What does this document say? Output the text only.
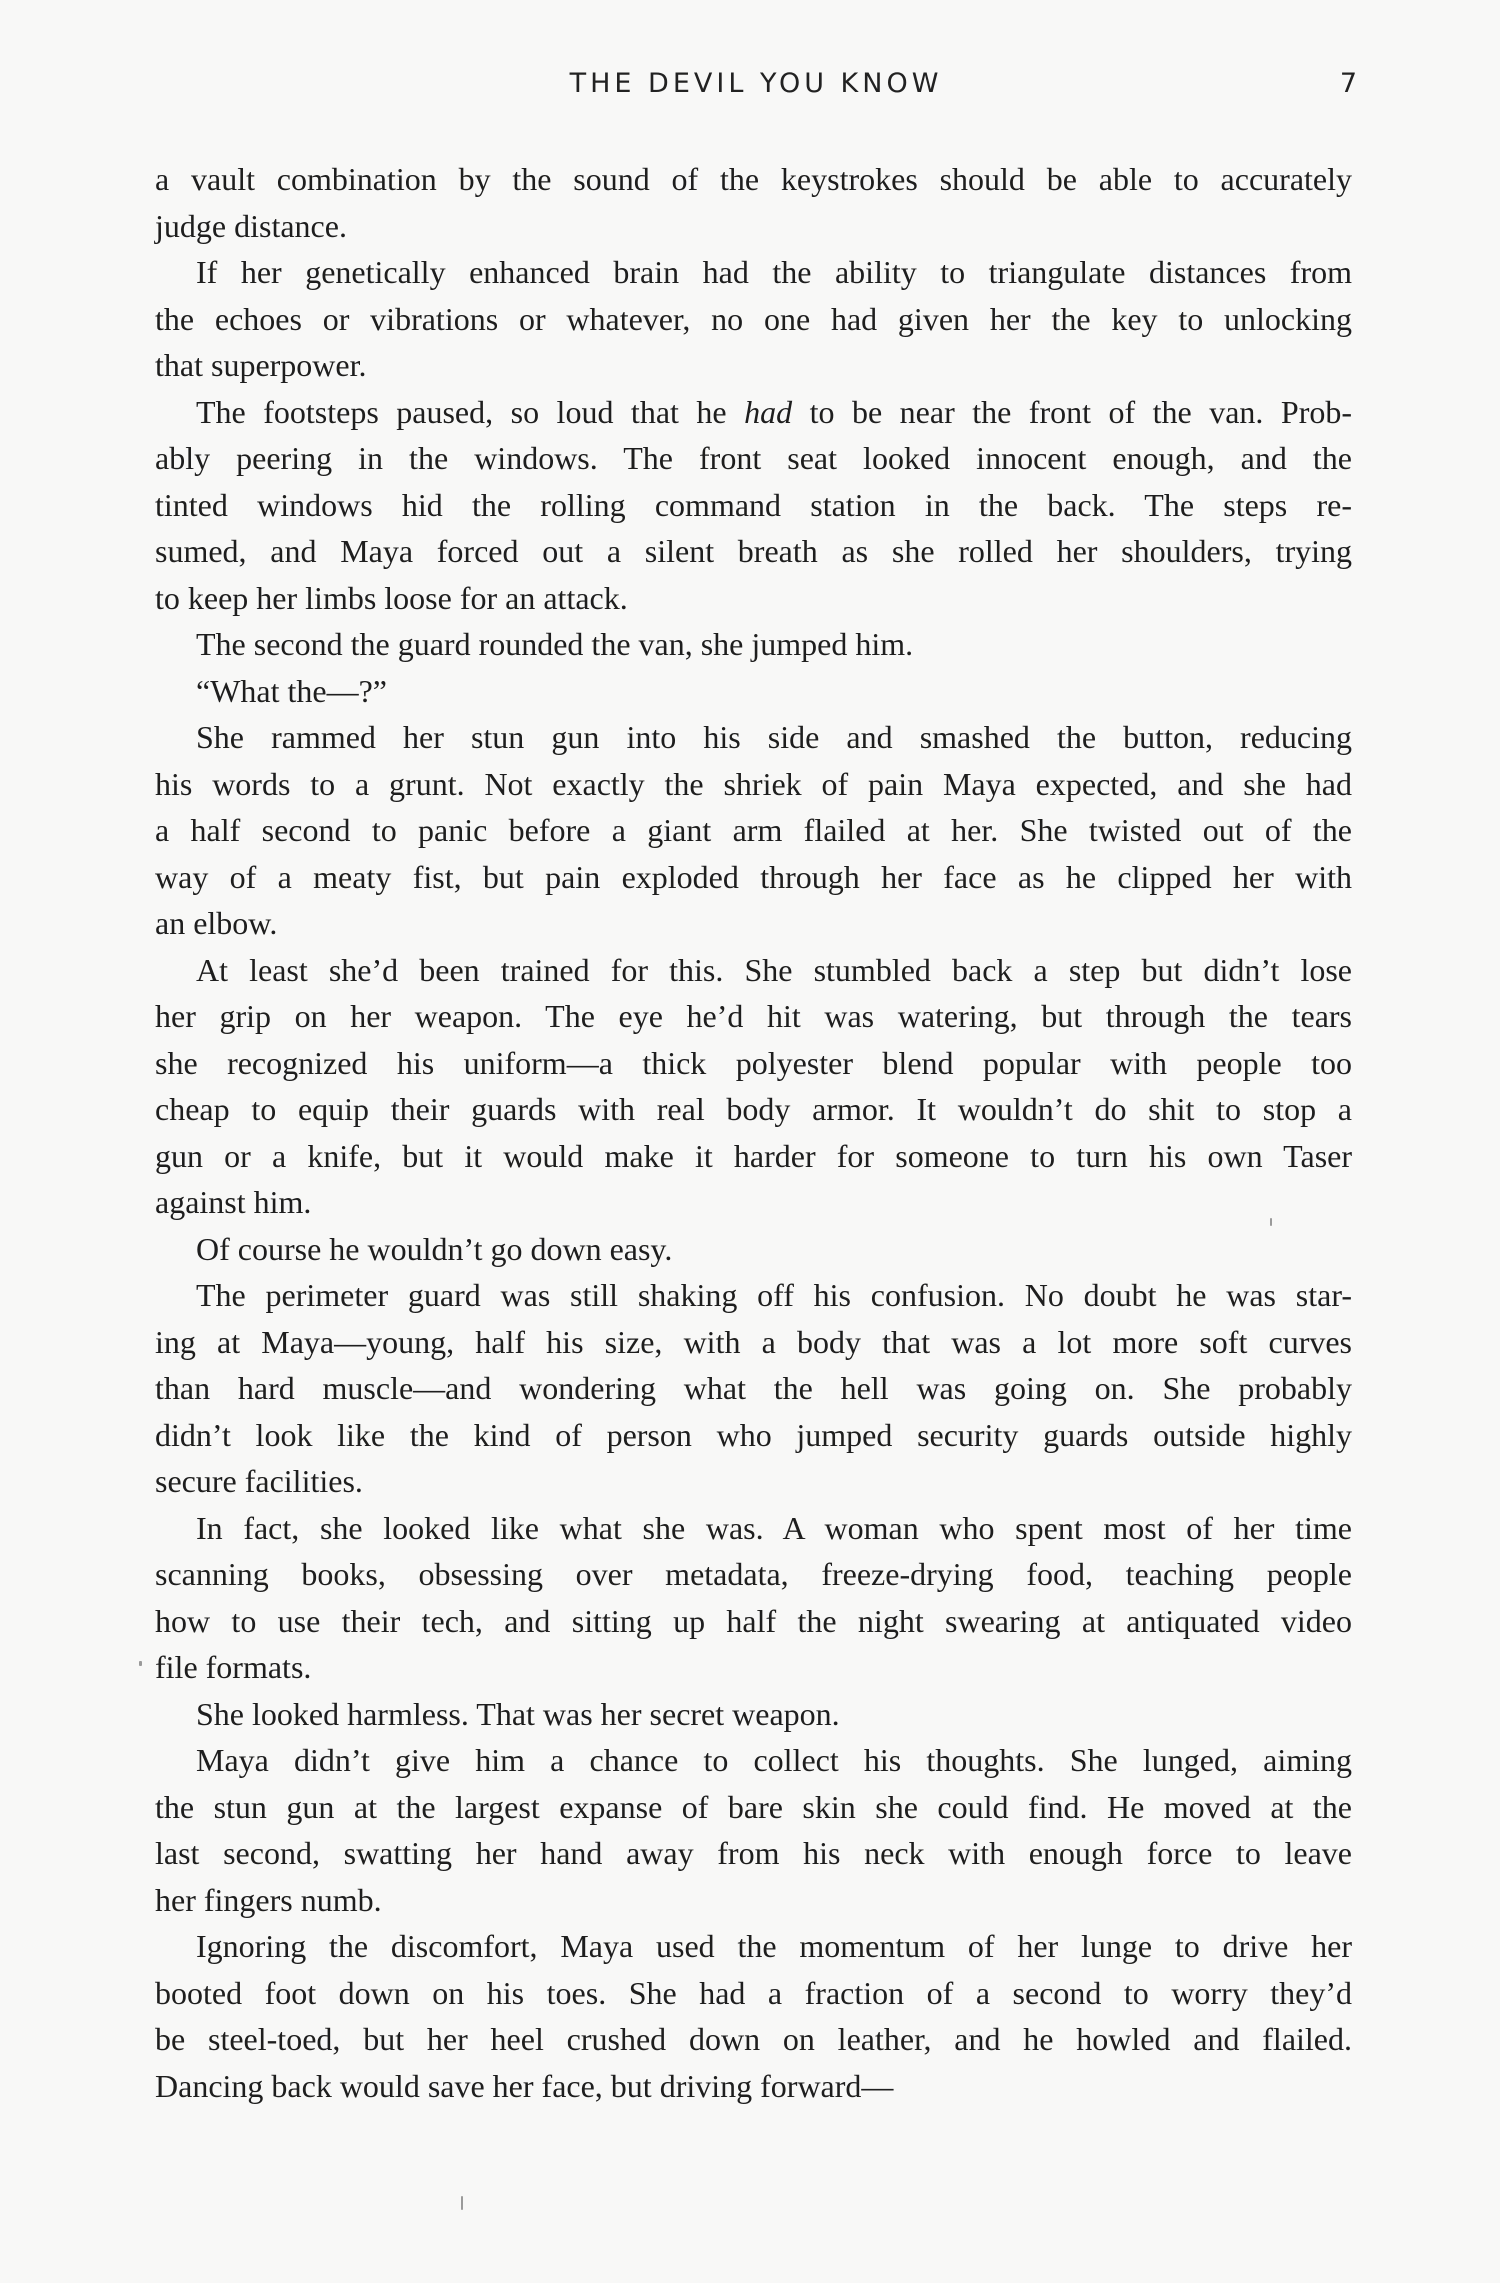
THE DEVIL YOU KNOW	7
a vault combination by the sound of the keystrokes should be able to accurately
judge distance.
If her genetically enhanced brain had the ability to triangulate distances from
the echoes or vibrations or whatever, no one had given her the key to unlocking
that superpower.
The footsteps paused, so loud that he had to be near the front of the van. Prob-
ably peering in the windows. The front seat looked innocent enough, and the
tinted windows hid the rolling command station in the back. The steps re-
sumed, and Maya forced out a silent breath as she rolled her shoulders, trying
to keep her limbs loose for an attack.
The second the guard rounded the van, she jumped him.
“What the—?”
She rammed her stun gun into his side and smashed the button, reducing
his words to a grunt. Not exactly the shriek of pain Maya expected, and she had
a half second to panic before a giant arm flailed at her. She twisted out of the
way of a meaty fist, but pain exploded through her face as he clipped her with
an elbow.
At least she’d been trained for this. She stumbled back a step but didn’t lose
her grip on her weapon. The eye he’d hit was watering, but through the tears
she recognized his uniform—a thick polyester blend popular with people too
cheap to equip their guards with real body armor. It wouldn’t do shit to stop a
gun or a knife, but it would make it harder for someone to turn his own Taser
against him.
Of course he wouldn’t go down easy.
The perimeter guard was still shaking off his confusion. No doubt he was star-
ing at Maya—young, half his size, with a body that was a lot more soft curves
than hard muscle—and wondering what the hell was going on. She probably
didn’t look like the kind of person who jumped security guards outside highly
secure facilities.
In fact, she looked like what she was. A woman who spent most of her time
scanning books, obsessing over metadata, freeze-drying food, teaching people
how to use their tech, and sitting up half the night swearing at antiquated video
file formats.
She looked harmless. That was her secret weapon.
Maya didn’t give him a chance to collect his thoughts. She lunged, aiming
the stun gun at the largest expanse of bare skin she could find. He moved at the
last second, swatting her hand away from his neck with enough force to leave
her fingers numb.
Ignoring the discomfort, Maya used the momentum of her lunge to drive her
booted foot down on his toes. She had a fraction of a second to worry they’d
be steel-toed, but her heel crushed down on leather, and he howled and flailed.
Dancing back would save her face, but driving forward—
